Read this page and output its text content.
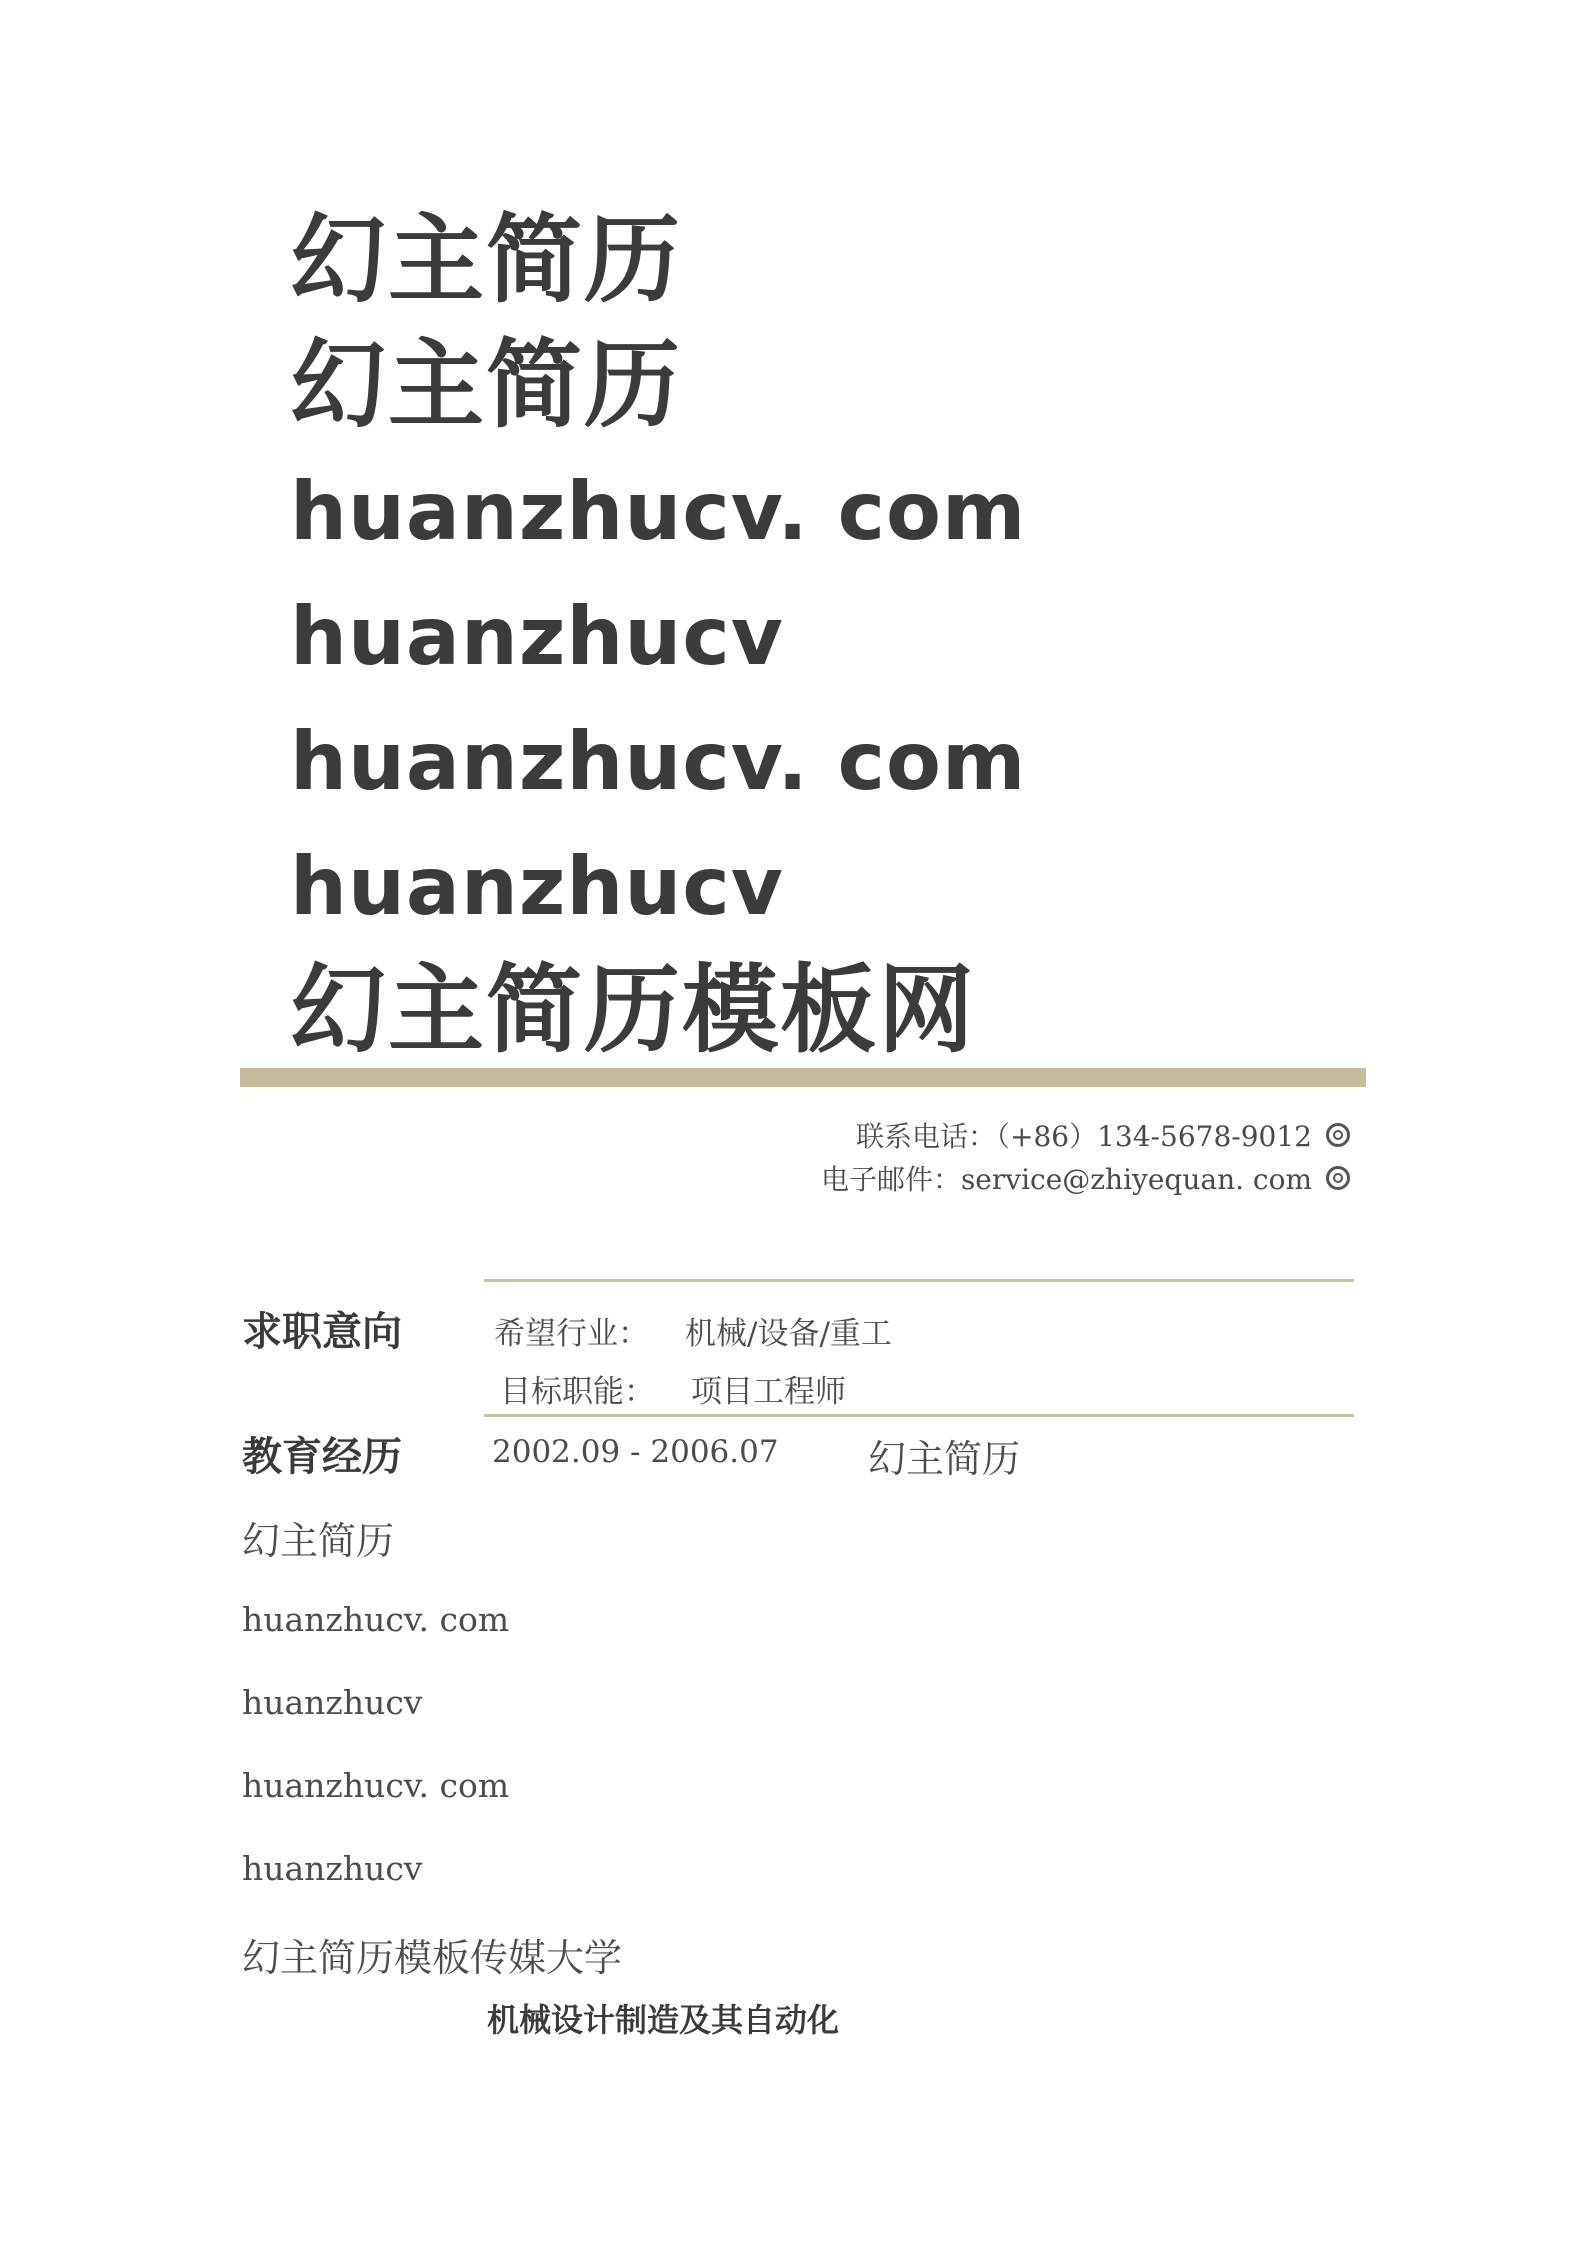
幻主简历
幻主简历
huanzhucv. com
huanzhucv
huanzhucv. com
huanzhucv
幻主简历模板网
联系电话：（+86）134-5678-9012
电子邮件：service@zhiyequan. com
求职意向	希望行业： 机械/设备/重工
目标职能： 项目工程师
教育经历	2002.09 - 2006.07 幻主简历
幻主简历
huanzhucv. com
huanzhucv
huanzhucv. com
huanzhucv
幻主简历模板传媒大学
机械设计制造及其自动化
